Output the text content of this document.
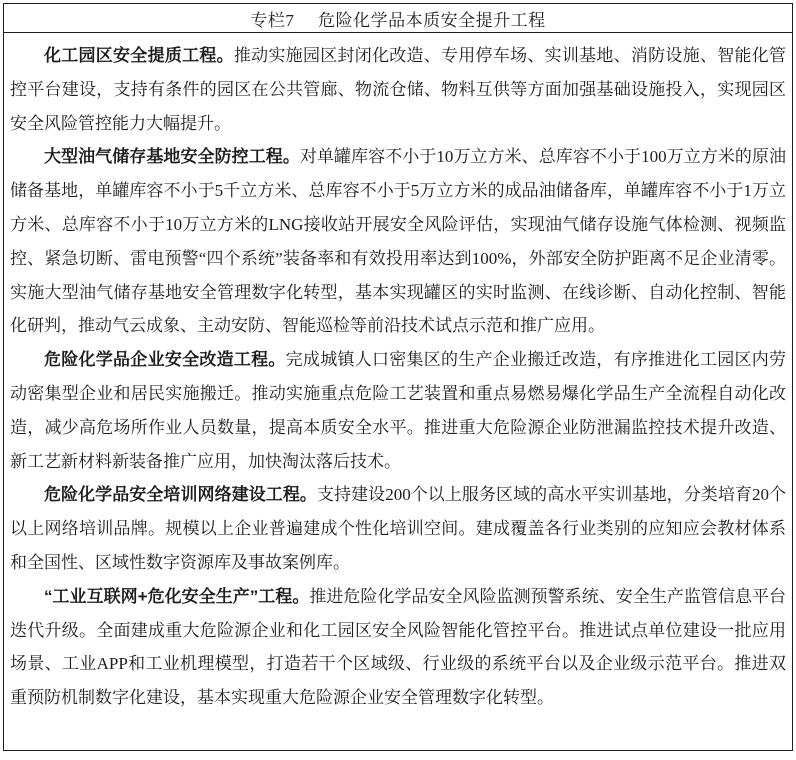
专栏7 危险化学品本质安全提升工程

化工园区安全提质工程。推动实施园区封闭化改造、专用停车场、实训基地、消防设施、智能化管控平台建设，支持有条件的园区在公共管廊、物流仓储、物料互供等方面加强基础设施投入，实现园区安全风险管控能力大幅提升。

大型油气储存基地安全防控工程。对单罐库容不小于10万立方米、总库容不小于100万立方米的原油储备基地，单罐库容不小于5千立方米、总库容不小于5万立方米的成品油储备库，单罐库容不小于1万立方米、总库容不小于10万立方米的LNG接收站开展安全风险评估，实现油气储存设施气体检测、视频监控、紧急切断、雷电预警“四个系统”装备率和有效投用率达到100%，外部安全防护距离不足企业清零。实施大型油气储存基地安全管理数字化转型，基本实现罐区的实时监测、在线诊断、自动化控制、智能化研判，推动气云成象、主动安防、智能巡检等前沿技术试点示范和推广应用。

危险化学品企业安全改造工程。完成城镇人口密集区的生产企业搬迁改造，有序推进化工园区内劳动密集型企业和居民实施搬迁。推动实施重点危险工艺装置和重点易燃易爆化学品生产全流程自动化改造，减少高危场所作业人员数量，提高本质安全水平。推进重大危险源企业防泄漏监控技术提升改造、新工艺新材料新装备推广应用，加快淘汰落后技术。

危险化学品安全培训网络建设工程。支持建设200个以上服务区域的高水平实训基地，分类培育20个以上网络培训品牌。规模以上企业普遍建成个性化培训空间。建成覆盖各行业类别的应知应会教材体系和全国性、区域性数字资源库及事故案例库。

“工业互联网+危化安全生产”工程。推进危险化学品安全风险监测预警系统、安全生产监管信息平台迭代升级。全面建成重大危险源企业和化工园区安全风险智能化管控平台。推进试点单位建设一批应用场景、工业APP和工业机理模型，打造若干个区域级、行业级的系统平台以及企业级示范平台。推进双重预防机制数字化建设，基本实现重大危险源企业安全管理数字化转型。
